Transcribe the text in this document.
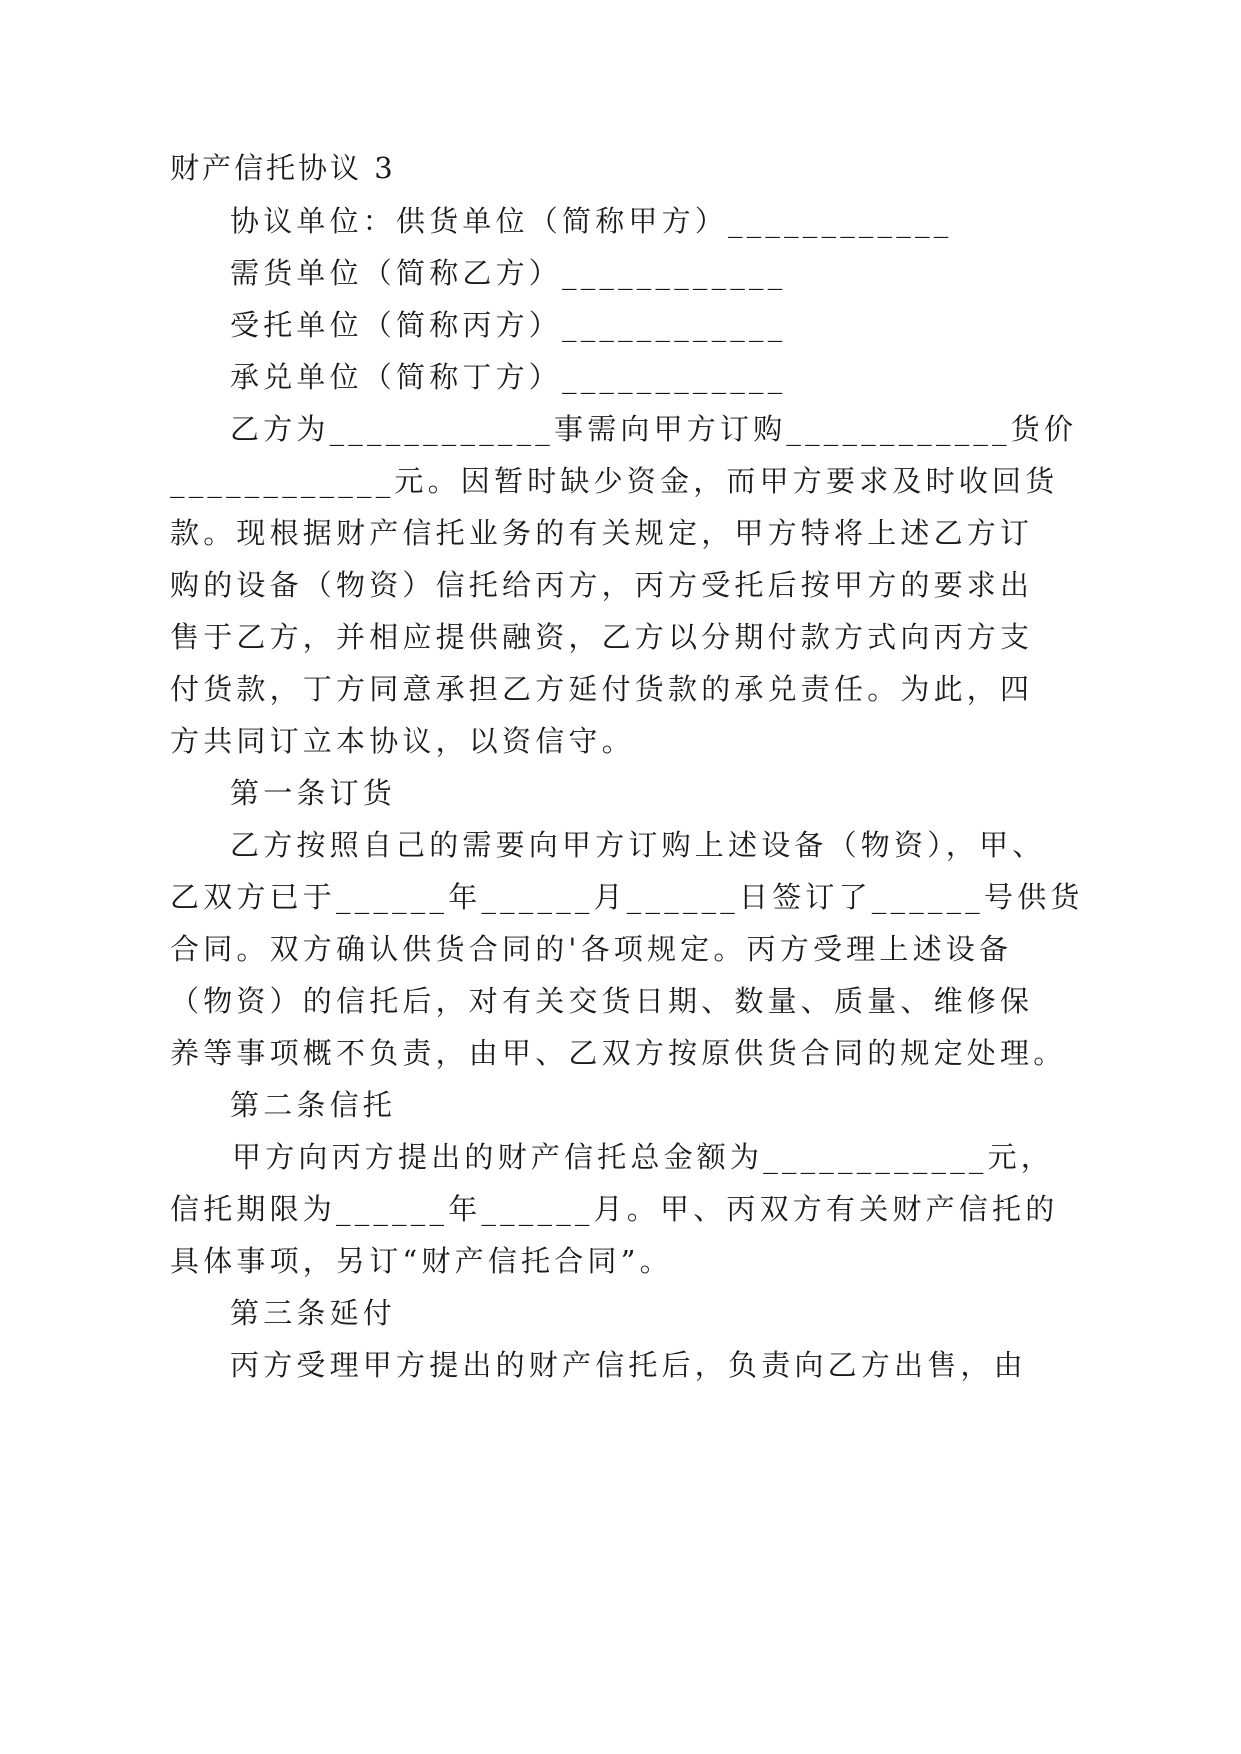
财产信托协议 3
协议单位：供货单位（简称甲方）____________
需货单位（简称乙方）____________
受托单位（简称丙方）____________
承兑单位（简称丁方）____________
乙方为____________事需向甲方订购____________货价
____________元。因暂时缺少资金，而甲方要求及时收回货
款。现根据财产信托业务的有关规定，甲方特将上述乙方订
购的设备（物资）信托给丙方，丙方受托后按甲方的要求出
售于乙方，并相应提供融资，乙方以分期付款方式向丙方支
付货款，丁方同意承担乙方延付货款的承兑责任。为此，四
方共同订立本协议，以资信守。
第一条订货
乙方按照自己的需要向甲方订购上述设备（物资），甲、
乙双方已于______年______月______日签订了______号供货
合同。双方确认供货合同的'各项规定。丙方受理上述设备
（物资）的信托后，对有关交货日期、数量、质量、维修保
养等事项概不负责，由甲、乙双方按原供货合同的规定处理。
第二条信托
甲方向丙方提出的财产信托总金额为____________元，
信托期限为______年______月。甲、丙双方有关财产信托的
具体事项，另订“财产信托合同”。
第三条延付
丙方受理甲方提出的财产信托后，负责向乙方出售，由
